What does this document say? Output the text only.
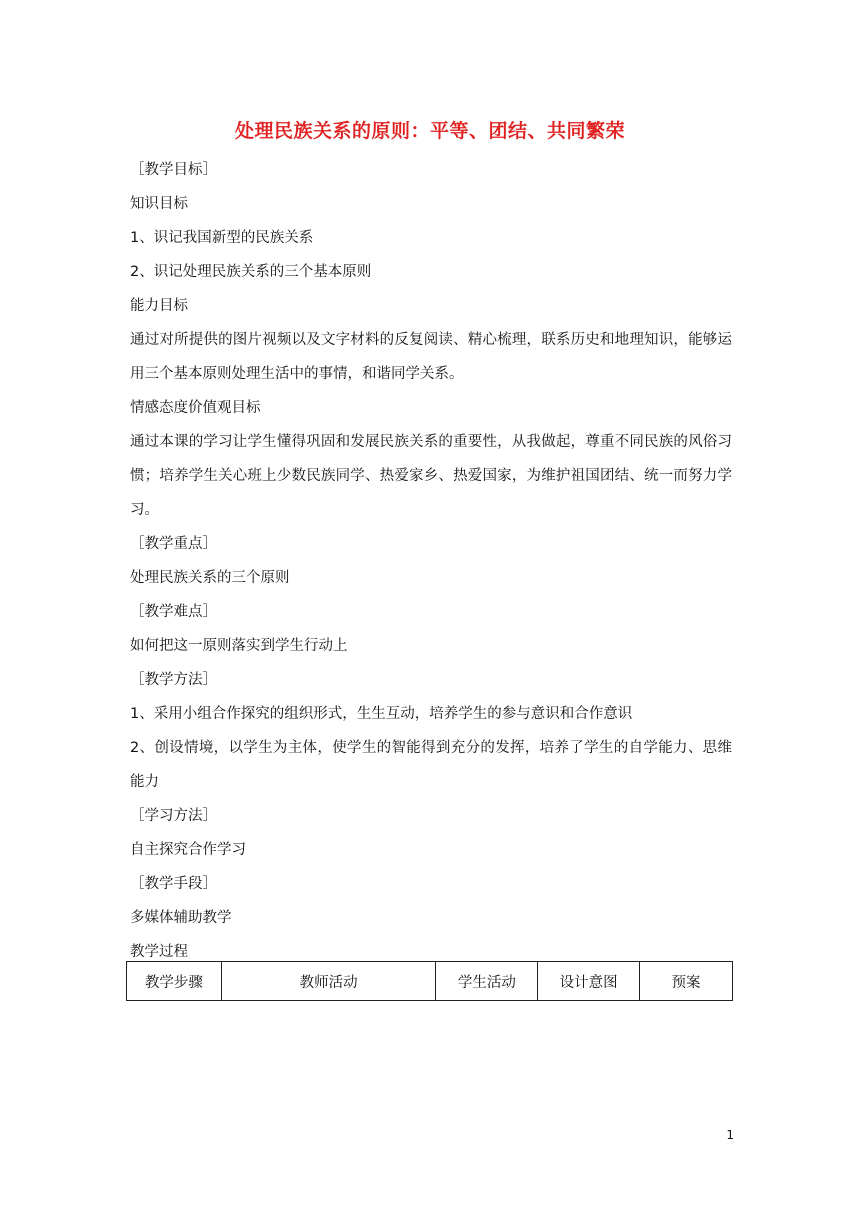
处理民族关系的原则：平等、团结、共同繁荣
［教学目标］
知识目标
1、识记我国新型的民族关系
2、识记处理民族关系的三个基本原则
能力目标
通过对所提供的图片视频以及文字材料的反复阅读、精心梳理，联系历史和地理知识，能够运用三个基本原则处理生活中的事情，和谐同学关系。
情感态度价值观目标
通过本课的学习让学生懂得巩固和发展民族关系的重要性，从我做起，尊重不同民族的风俗习惯；培养学生关心班上少数民族同学、热爱家乡、热爱国家，为维护祖国团结、统一而努力学习。
［教学重点］
处理民族关系的三个原则
［教学难点］
如何把这一原则落实到学生行动上
［教学方法］
1、采用小组合作探究的组织形式，生生互动，培养学生的参与意识和合作意识
2、创设情境，以学生为主体，使学生的智能得到充分的发挥，培养了学生的自学能力、思维能力
［学习方法］
自主探究合作学习
［教学手段］
多媒体辅助教学
教学过程
教学步骤	教师活动	学生活动	设计意图	预案
1
